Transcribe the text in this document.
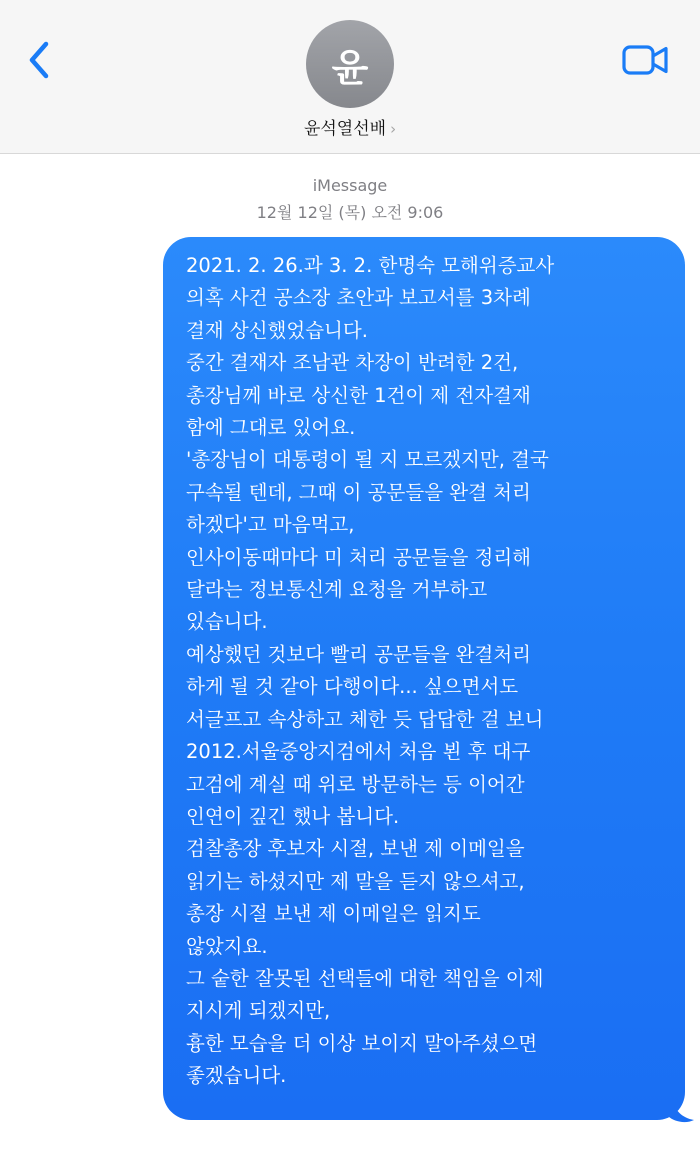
윤
윤석열선배 ›
iMessage
12월 12일 (목) 오전 9:06
2021. 2. 26.과 3. 2. 한명숙 모해위증교사
의혹 사건 공소장 초안과 보고서를 3차례
결재 상신했었습니다.
중간 결재자 조남관 차장이 반려한 2건,
총장님께 바로 상신한 1건이 제 전자결재
함에 그대로 있어요.
'총장님이 대통령이 될 지 모르겠지만, 결국
구속될 텐데, 그때 이 공문들을 완결 처리
하겠다'고 마음먹고,
인사이동때마다 미 처리 공문들을 정리해
달라는 정보통신계 요청을 거부하고
있습니다.
예상했던 것보다 빨리 공문들을 완결처리
하게 될 것 같아 다행이다... 싶으면서도
서글프고 속상하고 체한 듯 답답한 걸 보니
2012.서울중앙지검에서 처음 뵌 후 대구
고검에 계실 때 위로 방문하는 등 이어간
인연이 깊긴 했나 봅니다.
검찰총장 후보자 시절, 보낸 제 이메일을
읽기는 하셨지만 제 말을 듣지 않으셔고,
총장 시절 보낸 제 이메일은 읽지도
않았지요.
그 숱한 잘못된 선택들에 대한 책임을 이제
지시게 되겠지만,
흉한 모습을 더 이상 보이지 말아주셨으면
좋겠습니다.
